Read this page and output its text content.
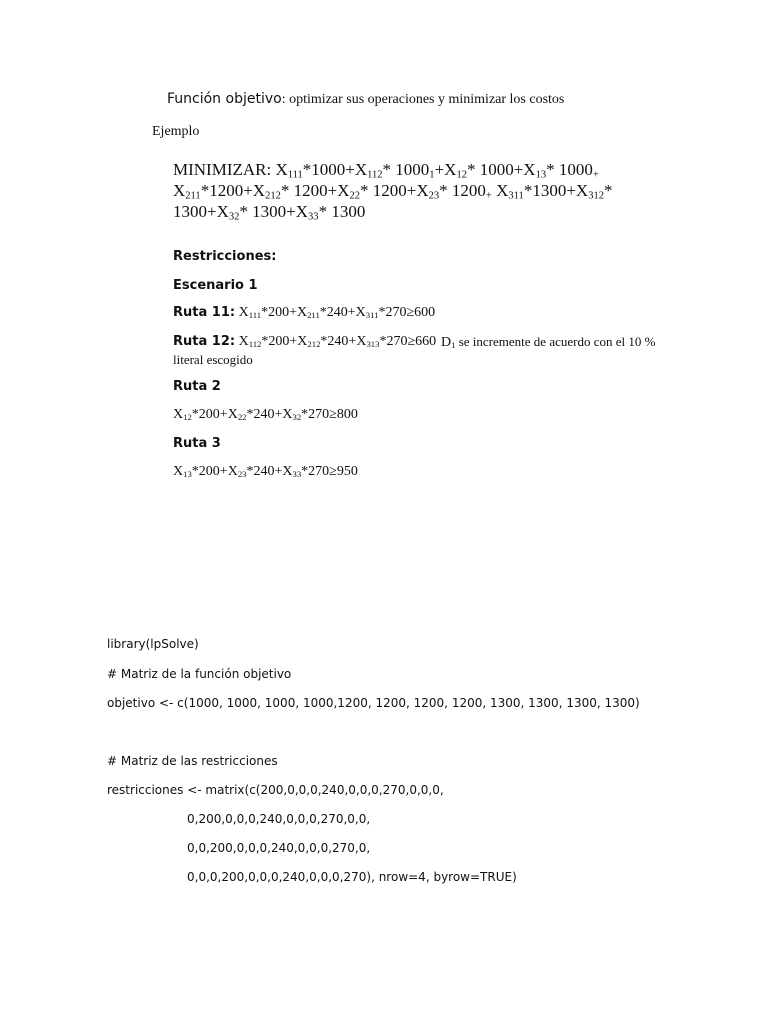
Función objetivo: optimizar sus operaciones y minimizar los costos
Ejemplo
MINIMIZAR: $X_{111}*1000+X_{112}*$ $1000_1+X_{12}*$ $1000+X_{13}*$ $1000_+$
$X_{211}*1200+X_{212}*$ $1200+X_{22}*$ $1200+X_{23}*$ $1200_+$ $X_{311}*1300+X_{312}*$
$1300+X_{32}*$ $1300+X_{33}*$ 1300
Restricciones:
Escenario 1
Ruta 11: $X_{111}*200+X_{211}*240+X_{311}*270\ge 600$
Ruta 12: $X_{112}*200+X_{212}*240+X_{313}*270\ge 660$ $D_1$ se incremente de acuerdo con el 10 %
literal escogido
Ruta 2
$X_{12}*200+X_{22}*240+X_{32}*270\ge 800$
Ruta 3
$X_{13}*200+X_{23}*240+X_{33}*270\ge 950$
library(lpSolve)
# Matriz de la función objetivo
objetivo <- c(1000, 1000, 1000, 1000,1200, 1200, 1200, 1200, 1300, 1300, 1300, 1300)
# Matriz de las restricciones
restricciones <- matrix(c(200,0,0,0,240,0,0,0,270,0,0,0,
0,200,0,0,0,240,0,0,0,270,0,0,
0,0,200,0,0,0,240,0,0,0,270,0,
0,0,0,200,0,0,0,240,0,0,0,270), nrow=4, byrow=TRUE)
